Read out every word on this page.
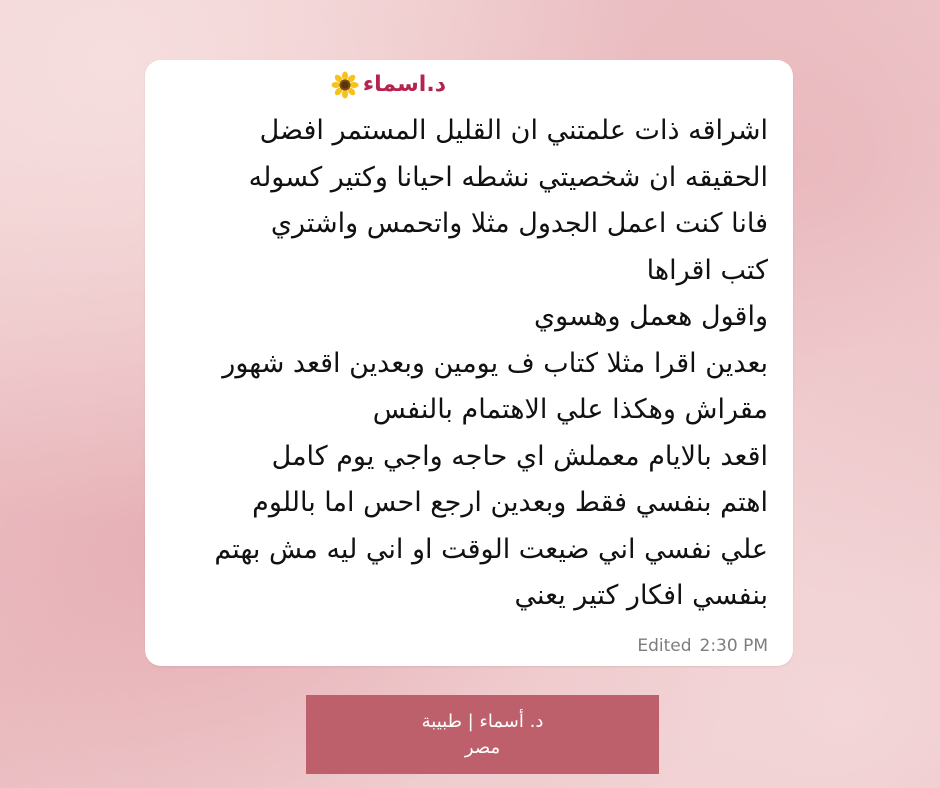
د.اسماء
اشراقه ذات علمتني ان القليل المستمر افضل
الحقيقه ان شخصيتي نشطه احيانا وكتير كسوله
فانا كنت اعمل الجدول مثلا واتحمس واشتري
كتب اقراها
واقول هعمل وهسوي
بعدين اقرا مثلا كتاب ف يومين وبعدين اقعد شهور
مقراش وهكذا علي الاهتمام بالنفس
اقعد بالايام معملش اي حاجه واجي يوم كامل
اهتم بنفسي فقط وبعدين ارجع احس اما باللوم
علي نفسي اني ضيعت الوقت او اني ليه مش بهتم
بنفسي افكار كتير يعني
Edited 2:30 PM
د. أسماء | طبيبة
مصر
